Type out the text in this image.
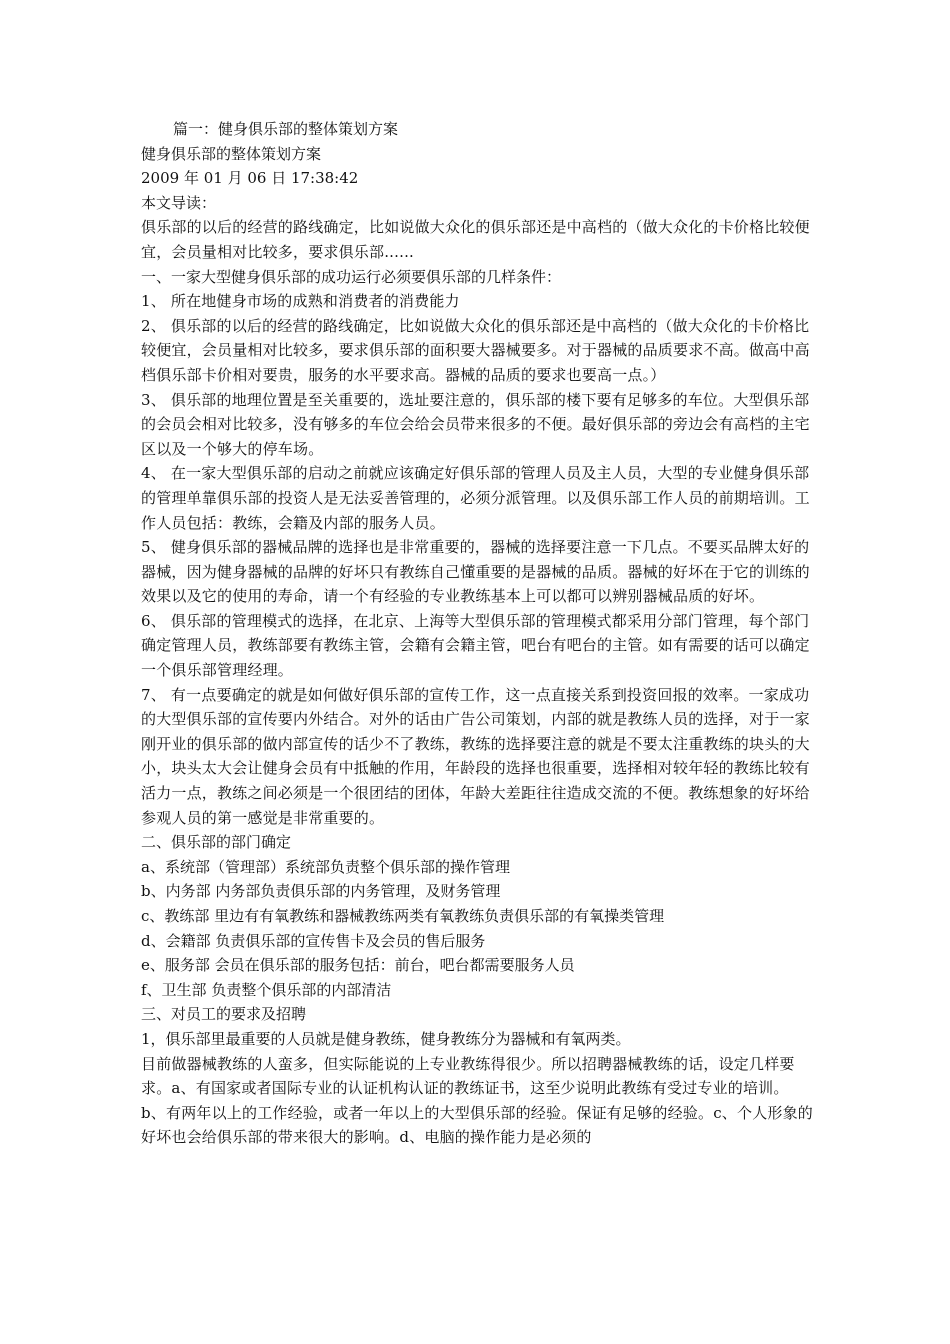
篇一：健身俱乐部的整体策划方案

健身俱乐部的整体策划方案

2009 年 01 月 06 日 17:38:42

本文导读：

俱乐部的以后的经营的路线确定，比如说做大众化的俱乐部还是中高档的（做大众化的卡价格比较便宜，会员量相对比较多，要求俱乐部......

一、一家大型健身俱乐部的成功运行必须要俱乐部的几样条件：

1、 所在地健身市场的成熟和消费者的消费能力

2、 俱乐部的以后的经营的路线确定，比如说做大众化的俱乐部还是中高档的（做大众化的卡价格比较便宜，会员量相对比较多，要求俱乐部的面积要大器械要多。对于器械的品质要求不高。做高中高档俱乐部卡价相对要贵，服务的水平要求高。器械的品质的要求也要高一点。）

3、 俱乐部的地理位置是至关重要的，选址要注意的，俱乐部的楼下要有足够多的车位。大型俱乐部的会员会相对比较多，没有够多的车位会给会员带来很多的不便。最好俱乐部的旁边会有高档的主宅区以及一个够大的停车场。

4、 在一家大型俱乐部的启动之前就应该确定好俱乐部的管理人员及主人员，大型的专业健身俱乐部的管理单靠俱乐部的投资人是无法妥善管理的，必须分派管理。以及俱乐部工作人员的前期培训。工作人员包括：教练，会籍及内部的服务人员。

5、 健身俱乐部的器械品牌的选择也是非常重要的，器械的选择要注意一下几点。不要买品牌太好的器械，因为健身器械的品牌的好坏只有教练自己懂重要的是器械的品质。器械的好坏在于它的训练的效果以及它的使用的寿命，请一个有经验的专业教练基本上可以都可以辨别器械品质的好坏。

6、 俱乐部的管理模式的选择，在北京、上海等大型俱乐部的管理模式都采用分部门管理，每个部门确定管理人员，教练部要有教练主管，会籍有会籍主管，吧台有吧台的主管。如有需要的话可以确定一个俱乐部管理经理。

7、 有一点要确定的就是如何做好俱乐部的宣传工作，这一点直接关系到投资回报的效率。一家成功的大型俱乐部的宣传要内外结合。对外的话由广告公司策划，内部的就是教练人员的选择，对于一家刚开业的俱乐部的做内部宣传的话少不了教练，教练的选择要注意的就是不要太注重教练的块头的大小，块头太大会让健身会员有中抵触的作用，年龄段的选择也很重要，选择相对较年轻的教练比较有活力一点，教练之间必须是一个很团结的团体，年龄大差距往往造成交流的不便。教练想象的好坏给参观人员的第一感觉是非常重要的。

二、俱乐部的部门确定

a、系统部（管理部）系统部负责整个俱乐部的操作管理

b、内务部 内务部负责俱乐部的内务管理，及财务管理

c、教练部 里边有有氧教练和器械教练两类有氧教练负责俱乐部的有氧操类管理

d、会籍部 负责俱乐部的宣传售卡及会员的售后服务

e、服务部 会员在俱乐部的服务包括：前台，吧台都需要服务人员

f、卫生部 负责整个俱乐部的内部清洁

三、对员工的要求及招聘

1，俱乐部里最重要的人员就是健身教练，健身教练分为器械和有氧两类。

目前做器械教练的人蛮多，但实际能说的上专业教练得很少。所以招聘器械教练的话，设定几样要求。a、有国家或者国际专业的认证机构认证的教练证书，这至少说明此教练有受过专业的培训。b、有两年以上的工作经验，或者一年以上的大型俱乐部的经验。保证有足够的经验。c、个人形象的好坏也会给俱乐部的带来很大的影响。d、电脑的操作能力是必须的
